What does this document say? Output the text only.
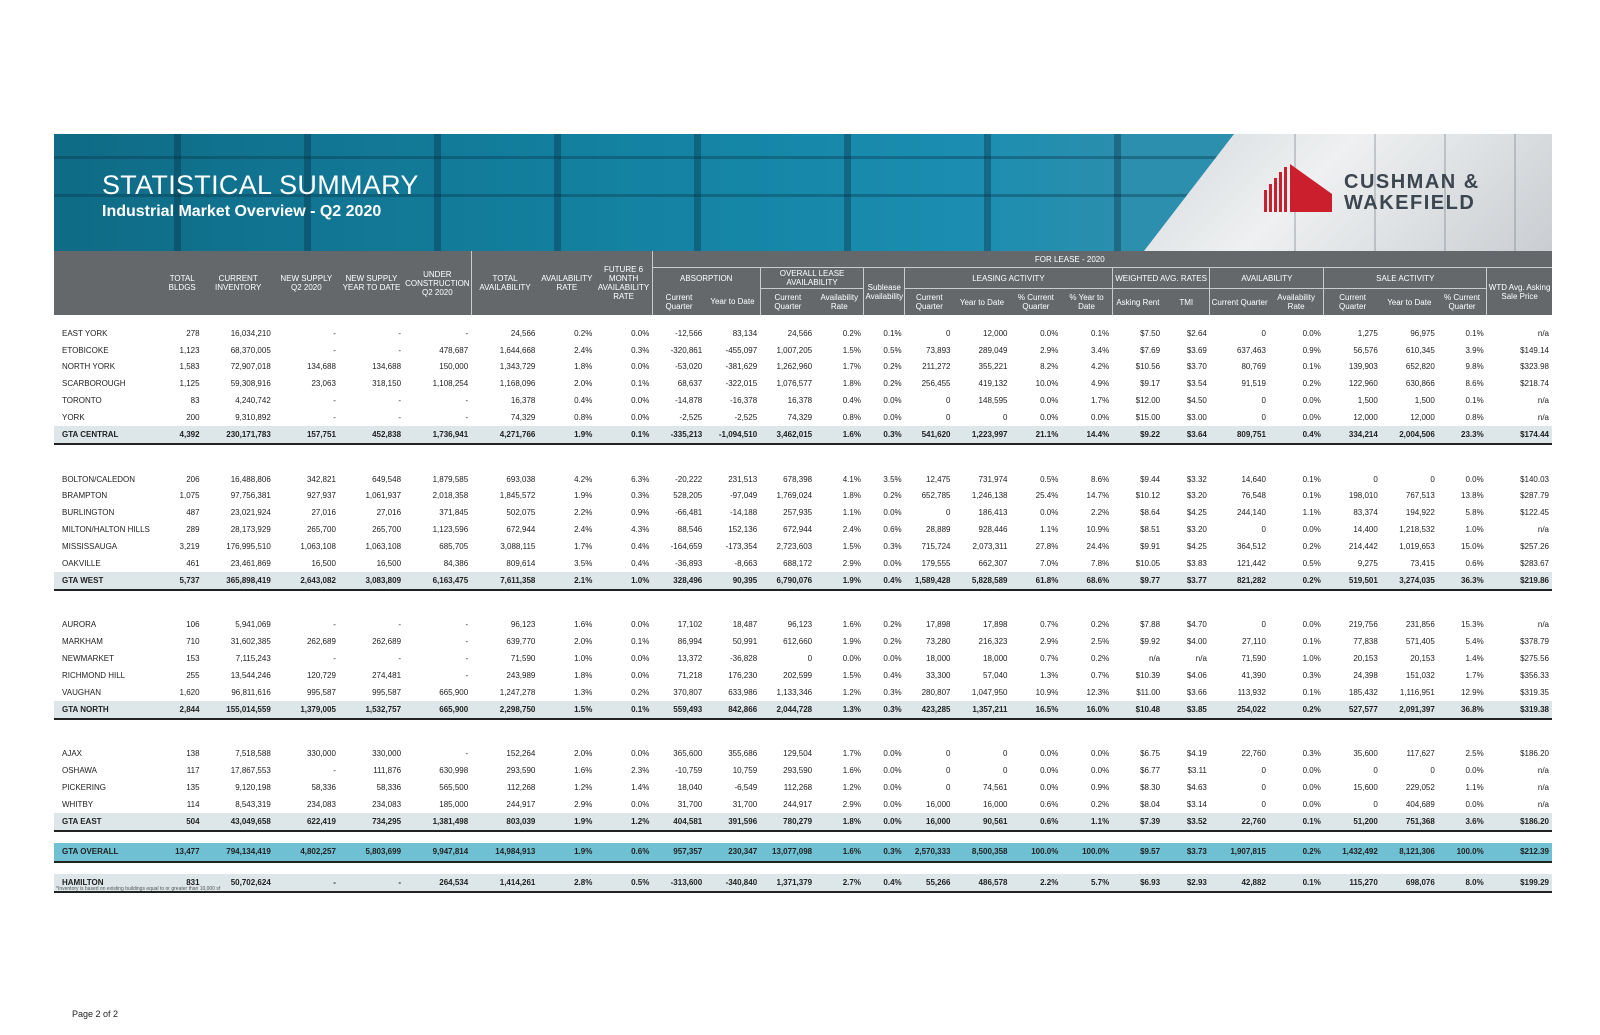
STATISTICAL SUMMARY
Industrial Market Overview - Q2 2020
CUSHMAN &
WAKEFIELD
	TOTAL BLDGS	CURRENT INVENTORY	NEW SUPPLY Q2 2020	NEW SUPPLY YEAR TO DATE	UNDER CONSTRUCTION Q2 2020	TOTAL AVAILABILITY	AVAILABILITY RATE	FUTURE 6 MONTH AVAILABILITY RATE	FOR LEASE - 2020																
									ABSORPTION		OVERALL LEASE AVAILABILITY		Sublease Availability	LEASING ACTIVITY				WEIGHTED AVG. RATES		AVAILABILITY		SALE ACTIVITY			WTD Avg. Asking Sale Price
									Current Quarter	Year to Date	Current Quarter	Availability Rate		Current Quarter	Year to Date	% Current Quarter	% Year to Date	Asking Rent	TMI	Current Quarter	Availability Rate	Current Quarter	Year to Date	% Current Quarter	

EAST YORK	278	16,034,210	-	-	-	24,566	0.2%	0.0%	-12,566	83,134	24,566	0.2%	0.1%	0	12,000	0.0%	0.1%	$7.50	$2.64	0	0.0%	1,275	96,975	0.1%	n/a
ETOBICOKE	1,123	68,370,005	-	-	478,687	1,644,668	2.4%	0.3%	-320,861	-455,097	1,007,205	1.5%	0.5%	73,893	289,049	2.9%	3.4%	$7.69	$3.69	637,463	0.9%	56,576	610,345	3.9%	$149.14
NORTH YORK	1,583	72,907,018	134,688	134,688	150,000	1,343,729	1.8%	0.0%	-53,020	-381,629	1,262,960	1.7%	0.2%	211,272	355,221	8.2%	4.2%	$10.56	$3.70	80,769	0.1%	139,903	652,820	9.8%	$323.98
SCARBOROUGH	1,125	59,308,916	23,063	318,150	1,108,254	1,168,096	2.0%	0.1%	68,637	-322,015	1,076,577	1.8%	0.2%	256,455	419,132	10.0%	4.9%	$9.17	$3.54	91,519	0.2%	122,960	630,866	8.6%	$218.74
TORONTO	83	4,240,742	-	-	-	16,378	0.4%	0.0%	-14,878	-16,378	16,378	0.4%	0.0%	0	148,595	0.0%	1.7%	$12.00	$4.50	0	0.0%	1,500	1,500	0.1%	n/a
YORK	200	9,310,892	-	-	-	74,329	0.8%	0.0%	-2,525	-2,525	74,329	0.8%	0.0%	0	0	0.0%	0.0%	$15.00	$3.00	0	0.0%	12,000	12,000	0.8%	n/a
GTA CENTRAL	4,392	230,171,783	157,751	452,838	1,736,941	4,271,766	1.9%	0.1%	-335,213	-1,094,510	3,462,015	1.6%	0.3%	541,620	1,223,997	21.1%	14.4%	$9.22	$3.64	809,751	0.4%	334,214	2,004,506	23.3%	$174.44

BOLTON/CALEDON	206	16,488,806	342,821	649,548	1,879,585	693,038	4.2%	6.3%	-20,222	231,513	678,398	4.1%	3.5%	12,475	731,974	0.5%	8.6%	$9.44	$3.32	14,640	0.1%	0	0	0.0%	$140.03
BRAMPTON	1,075	97,756,381	927,937	1,061,937	2,018,358	1,845,572	1.9%	0.3%	528,205	-97,049	1,769,024	1.8%	0.2%	652,785	1,246,138	25.4%	14.7%	$10.12	$3.20	76,548	0.1%	198,010	767,513	13.8%	$287.79
BURLINGTON	487	23,021,924	27,016	27,016	371,845	502,075	2.2%	0.9%	-66,481	-14,188	257,935	1.1%	0.0%	0	186,413	0.0%	2.2%	$8.64	$4.25	244,140	1.1%	83,374	194,922	5.8%	$122.45
MILTON/HALTON HILLS	289	28,173,929	265,700	265,700	1,123,596	672,944	2.4%	4.3%	88,546	152,136	672,944	2.4%	0.6%	28,889	928,446	1.1%	10.9%	$8.51	$3.20	0	0.0%	14,400	1,218,532	1.0%	n/a
MISSISSAUGA	3,219	176,995,510	1,063,108	1,063,108	685,705	3,088,115	1.7%	0.4%	-164,659	-173,354	2,723,603	1.5%	0.3%	715,724	2,073,311	27.8%	24.4%	$9.91	$4.25	364,512	0.2%	214,442	1,019,653	15.0%	$257.26
OAKVILLE	461	23,461,869	16,500	16,500	84,386	809,614	3.5%	0.4%	-36,893	-8,663	688,172	2.9%	0.0%	179,555	662,307	7.0%	7.8%	$10.05	$3.83	121,442	0.5%	9,275	73,415	0.6%	$283.67
GTA WEST	5,737	365,898,419	2,643,082	3,083,809	6,163,475	7,611,358	2.1%	1.0%	328,496	90,395	6,790,076	1.9%	0.4%	1,589,428	5,828,589	61.8%	68.6%	$9.77	$3.77	821,282	0.2%	519,501	3,274,035	36.3%	$219.86

AURORA	106	5,941,069	-	-	-	96,123	1.6%	0.0%	17,102	18,487	96,123	1.6%	0.2%	17,898	17,898	0.7%	0.2%	$7.88	$4.70	0	0.0%	219,756	231,856	15.3%	n/a
MARKHAM	710	31,602,385	262,689	262,689	-	639,770	2.0%	0.1%	86,994	50,991	612,660	1.9%	0.2%	73,280	216,323	2.9%	2.5%	$9.92	$4.00	27,110	0.1%	77,838	571,405	5.4%	$378.79
NEWMARKET	153	7,115,243	-	-	-	71,590	1.0%	0.0%	13,372	-36,828	0	0.0%	0.0%	18,000	18,000	0.7%	0.2%	n/a	n/a	71,590	1.0%	20,153	20,153	1.4%	$275.56
RICHMOND HILL	255	13,544,246	120,729	274,481	-	243,989	1.8%	0.0%	71,218	176,230	202,599	1.5%	0.4%	33,300	57,040	1.3%	0.7%	$10.39	$4.06	41,390	0.3%	24,398	151,032	1.7%	$356.33
VAUGHAN	1,620	96,811,616	995,587	995,587	665,900	1,247,278	1.3%	0.2%	370,807	633,986	1,133,346	1.2%	0.3%	280,807	1,047,950	10.9%	12.3%	$11.00	$3.66	113,932	0.1%	185,432	1,116,951	12.9%	$319.35
GTA NORTH	2,844	155,014,559	1,379,005	1,532,757	665,900	2,298,750	1.5%	0.1%	559,493	842,866	2,044,728	1.3%	0.3%	423,285	1,357,211	16.5%	16.0%	$10.48	$3.85	254,022	0.2%	527,577	2,091,397	36.8%	$319.38

AJAX	138	7,518,588	330,000	330,000	-	152,264	2.0%	0.0%	365,600	355,686	129,504	1.7%	0.0%	0	0	0.0%	0.0%	$6.75	$4.19	22,760	0.3%	35,600	117,627	2.5%	$186.20
OSHAWA	117	17,867,553	-	111,876	630,998	293,590	1.6%	2.3%	-10,759	10,759	293,590	1.6%	0.0%	0	0	0.0%	0.0%	$6.77	$3.11	0	0.0%	0	0	0.0%	n/a
PICKERING	135	9,120,198	58,336	58,336	565,500	112,268	1.2%	1.4%	18,040	-6,549	112,268	1.2%	0.0%	0	74,561	0.0%	0.9%	$8.30	$4.63	0	0.0%	15,600	229,052	1.1%	n/a
WHITBY	114	8,543,319	234,083	234,083	185,000	244,917	2.9%	0.0%	31,700	31,700	244,917	2.9%	0.0%	16,000	16,000	0.6%	0.2%	$8.04	$3.14	0	0.0%	0	404,689	0.0%	n/a
GTA EAST	504	43,049,658	622,419	734,295	1,381,498	803,039	1.9%	1.2%	404,581	391,596	780,279	1.8%	0.0%	16,000	90,561	0.6%	1.1%	$7.39	$3.52	22,760	0.1%	51,200	751,368	3.6%	$186.20

GTA OVERALL	13,477	794,134,419	4,802,257	5,803,699	9,947,814	14,984,913	1.9%	0.6%	957,357	230,347	13,077,098	1.6%	0.3%	2,570,333	8,500,358	100.0%	100.0%	$9.57	$3.73	1,907,815	0.2%	1,432,492	8,121,306	100.0%	$212.39

HAMILTON	831	50,702,624	-	-	264,534	1,414,261	2.8%	0.5%	-313,600	-340,840	1,371,379	2.7%	0.4%	55,266	486,578	2.2%	5.7%	$6.93	$2.93	42,882	0.1%	115,270	698,076	8.0%	$199.29
*Inventory is based on existing buildings equal to or greater than 10,000 sf
Page 2 of 2
